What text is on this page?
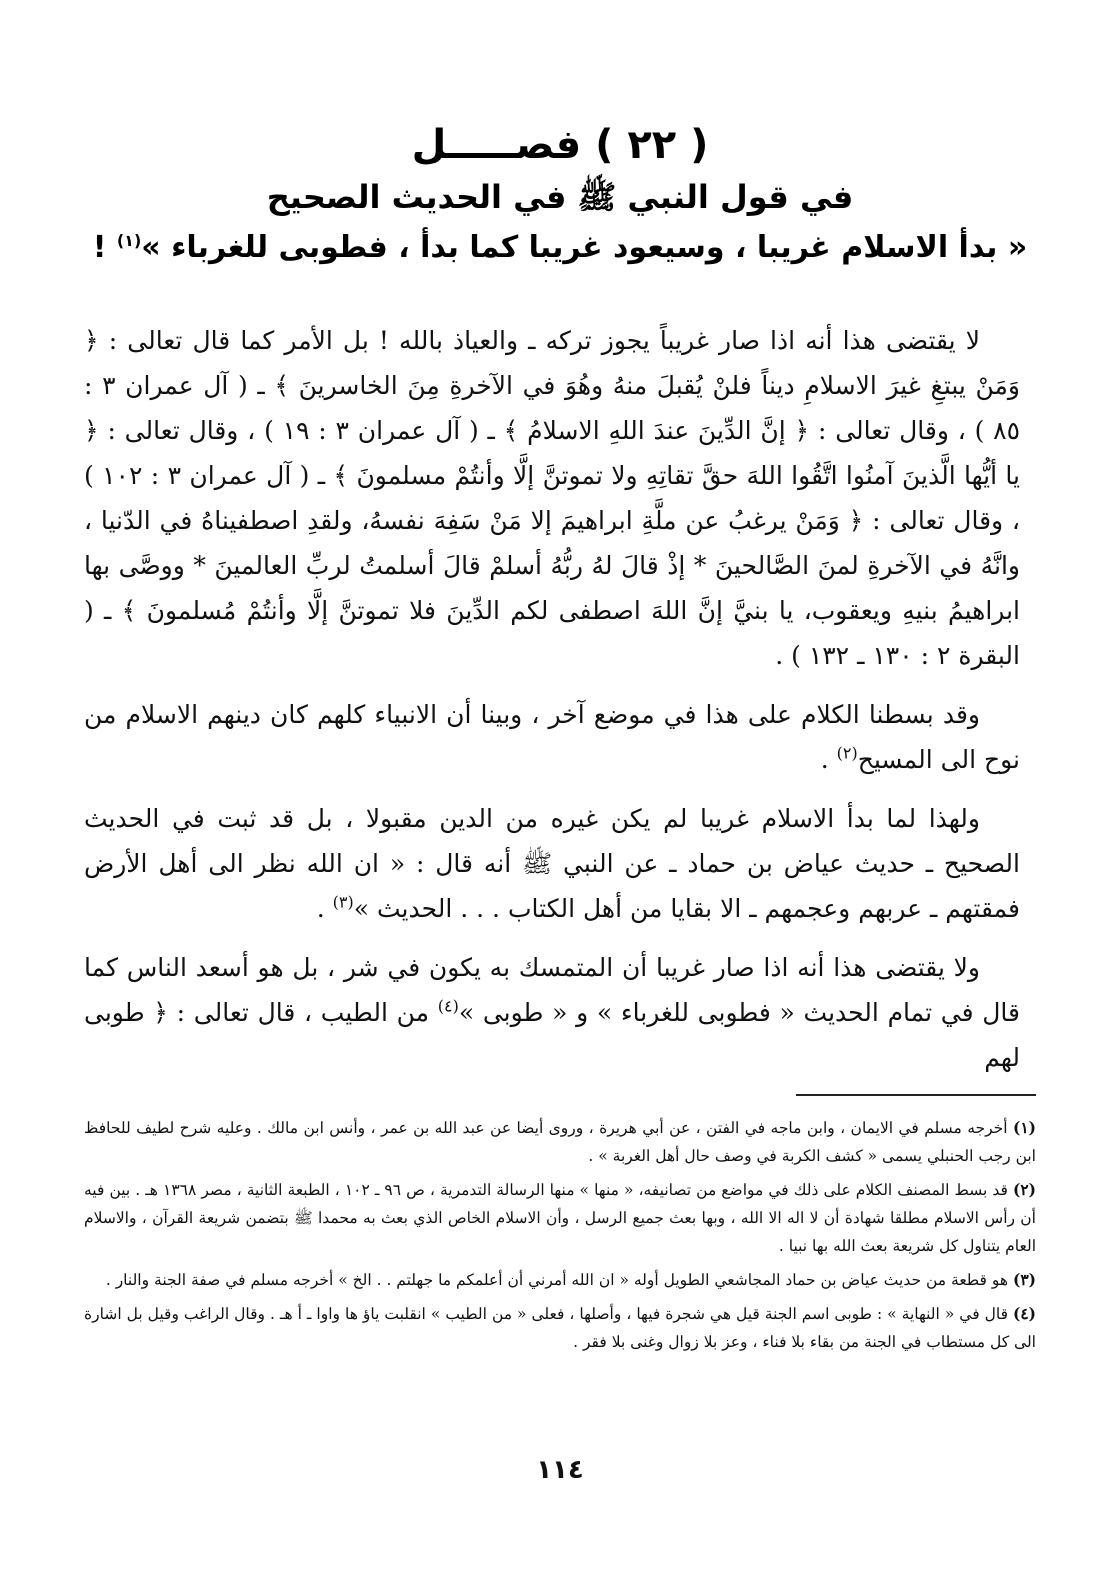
( ٢٢ ) فصـــــل
في قول النبي ﷺ في الحديث الصحيح
« بدأ الاسلام غريبا ، وسيعود غريبا كما بدأ ، فطوبى للغرباء »$^{(١)}$ !

لا يقتضى هذا أنه اذا صار غريباً يجوز تركه ـ والعياذ بالله ! بل الأمر كما قال تعالى : ﴿ وَمَنْ يبتغِ غيرَ الاسلامِ ديناً فلنْ يُقبلَ منهُ وهُوَ في الآخرةِ مِنَ الخاسرينَ ﴾ ـ ( آل عمران ٣ : ٨٥ ) ، وقال تعالى : ﴿ إنَّ الدِّينَ عندَ اللهِ الاسلامُ ﴾ ـ ( آل عمران ٣ : ١٩ ) ، وقال تعالى : ﴿ يا أيُّها الَّذينَ آمنُوا اتَّقُوا اللهَ حقَّ تقاتِهِ ولا تموتنَّ إلَّا وأنتُمْ مسلمونَ ﴾ ـ ( آل عمران ٣ : ١٠٢ ) ، وقال تعالى : ﴿ وَمَنْ يرغبُ عن ملَّةِ ابراهيمَ إلا مَنْ سَفِهَ نفسهُ، ولقدِ اصطفيناهُ في الدّنيا ، وانَّهُ في الآخرةِ لمنَ الصَّالحينَ * إذْ قالَ لهُ ربُّهُ أسلمْ قالَ أسلمتُ لربِّ العالمينَ * ووصَّى بها ابراهيمُ بنيهِ ويعقوب، يا بنيَّ إنَّ اللهَ اصطفى لكم الدِّينَ فلا تموتنَّ إلَّا وأنتُمْ مُسلمونَ ﴾ ـ ( البقرة ٢ : ١٣٠ ـ ١٣٢ ) .

وقد بسطنا الكلام على هذا في موضع آخر ، وبينا أن الانبياء كلهم كان دينهم الاسلام من نوح الى المسيح$^{(٢)}$ .

ولهذا لما بدأ الاسلام غريبا لم يكن غيره من الدين مقبولا ، بل قد ثبت في الحديث الصحيح ـ حديث عياض بن حماد ـ عن النبي ﷺ أنه قال : « ان الله نظر الى أهل الأرض فمقتهم ـ عربهم وعجمهم ـ الا بقايا من أهل الكتاب . . . الحديث »$^{(٣)}$ .

ولا يقتضى هذا أنه اذا صار غريبا أن المتمسك به يكون في شر ، بل هو أسعد الناس كما قال في تمام الحديث « فطوبى للغرباء » و « طوبى »$^{(٤)}$ من الطيب ، قال تعالى : ﴿ طوبى لهم

(١) أخرجه مسلم في الايمان ، وابن ماجه في الفتن ، عن أبي هريرة ، وروى أيضا عن عبد الله بن عمر ، وأنس ابن مالك . وعليه شرح لطيف للحافظ ابن رجب الحنبلي يسمى « كشف الكربة في وصف حال أهل الغربة » .

(٢) قد بسط المصنف الكلام على ذلك في مواضع من تصانيفه، « منها » منها الرسالة التدمرية ، ص ٩٦ ـ ١٠٢ ، الطبعة الثانية ، مصر ١٣٦٨ هـ . بين فيه أن رأس الاسلام مطلقا شهادة أن لا اله الا الله ، وبها بعث جميع الرسل ، وأن الاسلام الخاص الذي بعث به محمدا ﷺ بتضمن شريعة القرآن ، والاسلام العام يتناول كل شريعة بعث الله بها نبيا .

(٣) هو قطعة من حديث عياض بن حماد المجاشعي الطويل أوله « ان الله أمرني أن أعلمكم ما جهلتم . . الخ » أخرجه مسلم في صفة الجنة والنار .

(٤) قال في « النهاية » : طوبى اسم الجنة قيل هي شجرة فيها ، وأصلها ، فعلى « من الطيب » انقلبت ياؤ ها واوا ـ أ هـ . وقال الراغب وقيل بل اشارة الى كل مستطاب في الجنة من بقاء بلا فناء ، وعز بلا زوال وغنى بلا فقر .

١١٤
